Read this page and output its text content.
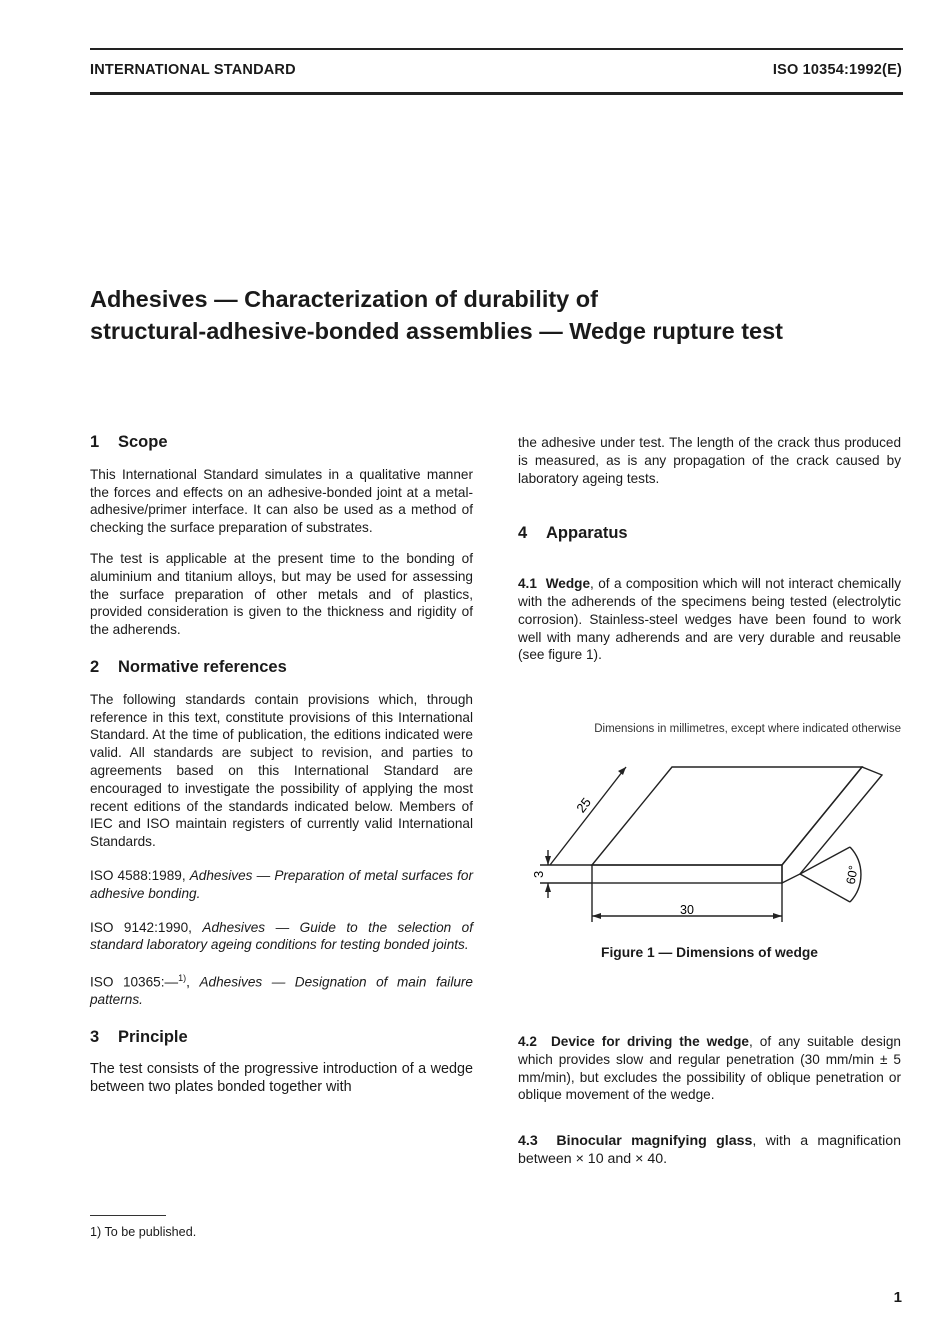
INTERNATIONAL STANDARD	ISO 10354:1992(E)
Adhesives — Characterization of durability of
structural-adhesive-bonded assemblies — Wedge rupture test
1 Scope

This International Standard simulates in a qualitative manner the forces and effects on an adhesive-bonded joint at a metal-adhesive/primer interface. It can also be used as a method of checking the surface preparation of substrates.

The test is applicable at the present time to the bonding of aluminium and titanium alloys, but may be used for assessing the surface preparation of other metals and of plastics, provided consideration is given to the thickness and rigidity of the adherends.

2 Normative references

The following standards contain provisions which, through reference in this text, constitute provisions of this International Standard. At the time of publication, the editions indicated were valid. All standards are subject to revision, and parties to agreements based on this International Standard are encouraged to investigate the possibility of applying the most recent editions of the standards indicated below. Members of IEC and ISO maintain registers of currently valid International Standards.

ISO 4588:1989, Adhesives — Preparation of metal surfaces for adhesive bonding.

ISO 9142:1990, Adhesives — Guide to the selection of standard laboratory ageing conditions for testing bonded joints.

ISO 10365:—$^{1)}$, Adhesives — Designation of main failure patterns.

3 Principle

The test consists of the progressive introduction of a wedge between two plates bonded together with

the adhesive under test. The length of the crack thus produced is measured, as is any propagation of the crack caused by laboratory ageing tests.

4 Apparatus

4.1 Wedge, of a composition which will not interact chemically with the adherends of the specimens being tested (electrolytic corrosion). Stainless-steel wedges have been found to work well with many adherends and are very durable and reusable (see figure 1).

Dimensions in millimetres, except where indicated otherwise
25
3
30
60°
Figure 1 — Dimensions of wedge

4.2 Device for driving the wedge, of any suitable design which provides slow and regular penetration (30 mm/min ± 5 mm/min), but excludes the possibility of oblique penetration or oblique movement of the wedge.

4.3 Binocular magnifying glass, with a magnification between × 10 and × 40.

1) To be published.
1
